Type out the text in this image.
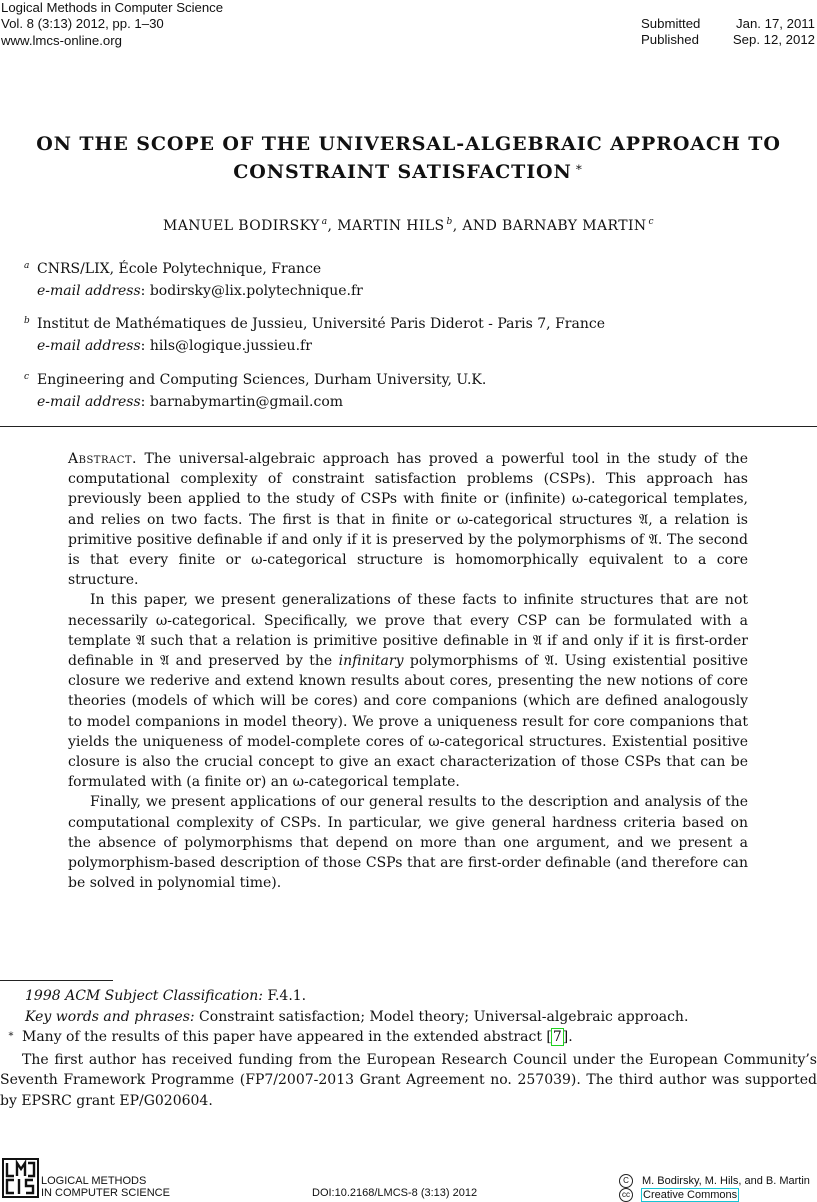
Logical Methods in Computer Science
Vol. 8 (3:13) 2012, pp. 1–30
www.lmcs-online.org
Submitted	Jan. 17, 2011
Published	Sep. 12, 2012
ON THE SCOPE OF THE UNIVERSAL-ALGEBRAIC APPROACH TO
CONSTRAINT SATISFACTION ∗
MANUEL BODIRSKY $^a$, MARTIN HILS $^b$, AND BARNABY MARTIN $^c$
$^a$ CNRS/LIX, École Polytechnique, France
e-mail address: bodirsky@lix.polytechnique.fr
$^b$ Institut de Mathématiques de Jussieu, Université Paris Diderot - Paris 7, France
e-mail address: hils@logique.jussieu.fr
$^c$ Engineering and Computing Sciences, Durham University, U.K.
e-mail address: barnabymartin@gmail.com

Abstract. The universal-algebraic approach has proved a powerful tool in the study of the computational complexity of constraint satisfaction problems (CSPs). This approach has previously been applied to the study of CSPs with finite or (infinite) ω-categorical templates, and relies on two facts. The first is that in finite or ω-categorical structures 𝔄, a relation is primitive positive definable if and only if it is preserved by the polymorphisms of 𝔄. The second is that every finite or ω-categorical structure is homomorphically equivalent to a core structure.

In this paper, we present generalizations of these facts to infinite structures that are not necessarily ω-categorical. Specifically, we prove that every CSP can be formulated with a template 𝔄 such that a relation is primitive positive definable in 𝔄 if and only if it is first-order definable in 𝔄 and preserved by the infinitary polymorphisms of 𝔄. Using existential positive closure we rederive and extend known results about cores, presenting the new notions of core theories (models of which will be cores) and core companions (which are defined analogously to model companions in model theory). We prove a uniqueness result for core companions that yields the uniqueness of model-complete cores of ω-categorical structures. Existential positive closure is also the crucial concept to give an exact characterization of those CSPs that can be formulated with (a finite or) an ω-categorical template.

Finally, we present applications of our general results to the description and analysis of the computational complexity of CSPs. In particular, we give general hardness criteria based on the absence of polymorphisms that depend on more than one argument, and we present a polymorphism-based description of those CSPs that are first-order definable (and therefore can be solved in polynomial time).

1998 ACM Subject Classification: F.4.1.

Key words and phrases: Constraint satisfaction; Model theory; Universal-algebraic approach.

∗ Many of the results of this paper have appeared in the extended abstract [7].

The first author has received funding from the European Research Council under the European Community’s Seventh Framework Programme (FP7/2007-2013 Grant Agreement no. 257039). The third author was supported by EPSRC grant EP/G020604.

LOGICAL METHODS
IN COMPUTER SCIENCE	DOI:10.2168/LMCS-8 (3:13) 2012
C	M. Bodirsky, M. Hils, and B. Martin
cc Creative Commons
